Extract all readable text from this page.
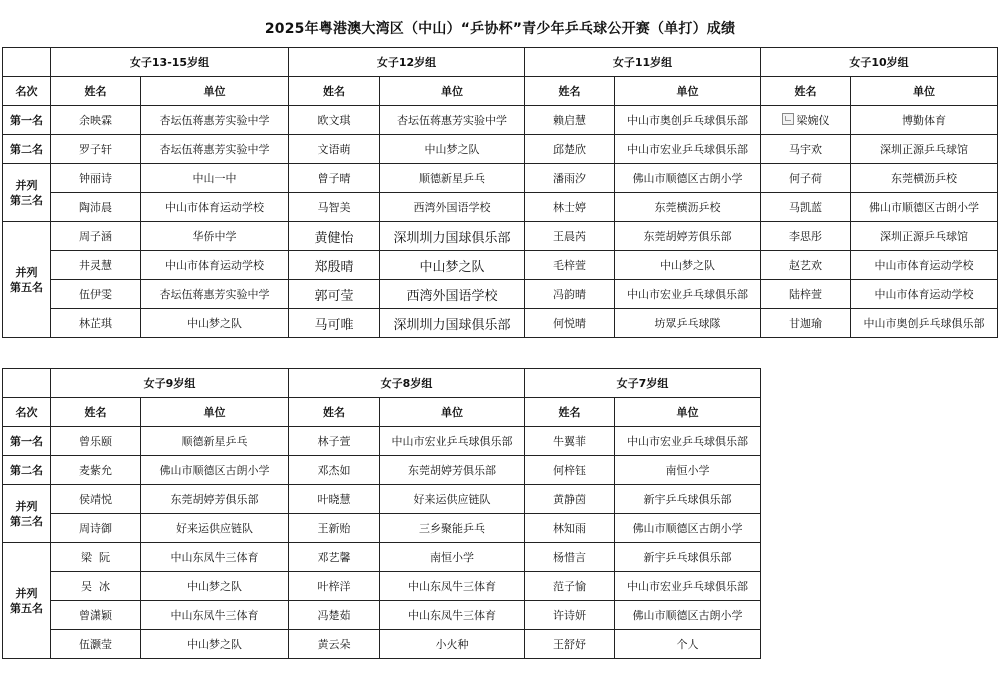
2025年粤港澳大湾区（中山）“乒协杯”青少年乒乓球公开赛（单打）成绩
	女子13-15岁组		女子12岁组		女子11岁组		女子10岁组	
名次	姓名	单位	姓名	单位	姓名	单位	姓名	单位
第一名	余映霖	杏坛伍蒋惠芳实验中学	欧文琪	杏坛伍蒋惠芳实验中学	赖启慧	中山市奥创乒乓球俱乐部	梁婉仪	博勤体育
第二名	罗子轩	杏坛伍蒋惠芳实验中学	文语萌	中山梦之队	邱楚欣	中山市宏业乒乓球俱乐部	马宇欢	深圳正源乒乓球馆
并列
第三名	钟丽诗	中山一中	曾子晴	顺德新星乒乓	潘雨汐	佛山市顺德区古朗小学	何子荷	东莞横沥乒校
	陶沛晨	中山市体育运动学校	马智美	西湾外国语学校	林士婷	东莞横沥乒校	马凯蓝	佛山市顺德区古朗小学
并列
第五名	周子涵	华侨中学	黄健怡	深圳圳力国球俱乐部	王晨芮	东莞胡婷芳俱乐部	李思彤	深圳正源乒乓球馆
	井灵慧	中山市体育运动学校	郑殷晴	中山梦之队	毛梓萱	中山梦之队	赵艺欢	中山市体育运动学校
	伍伊雯	杏坛伍蒋惠芳实验中学	郭可莹	西湾外国语学校	冯韵晴	中山市宏业乒乓球俱乐部	陆梓萱	中山市体育运动学校
	林芷琪	中山梦之队	马可唯	深圳圳力国球俱乐部	何悦晴	坊眾乒乓球隊	甘迦瑜	中山市奥创乒乓球俱乐部
	女子9岁组		女子8岁组		女子7岁组	
名次	姓名	单位	姓名	单位	姓名	单位
第一名	曾乐颐	顺德新星乒乓	林子萱	中山市宏业乒乓球俱乐部	牛翼菲	中山市宏业乒乓球俱乐部
第二名	麦紫允	佛山市顺德区古朗小学	邓杰如	东莞胡婷芳俱乐部	何梓钰	南恒小学
并列
第三名	侯靖悦	东莞胡婷芳俱乐部	叶晓慧	好来运供应链队	黄静茵	新宇乒乓球俱乐部
	周诗御	好来运供应链队	王新贻	三乡聚能乒乓	林知雨	佛山市顺德区古朗小学
并列
第五名	梁  阮	中山东凤牛三体育	邓艺馨	南恒小学	杨惜言	新宇乒乓球俱乐部
	吴  冰	中山梦之队	叶梓洋	中山东凤牛三体育	范子愉	中山市宏业乒乓球俱乐部
	曾潇颖	中山东凤牛三体育	冯楚茹	中山东凤牛三体育	许诗妍	佛山市顺德区古朗小学
	伍灏莹	中山梦之队	黄云朵	小火种	王舒妤	个人
